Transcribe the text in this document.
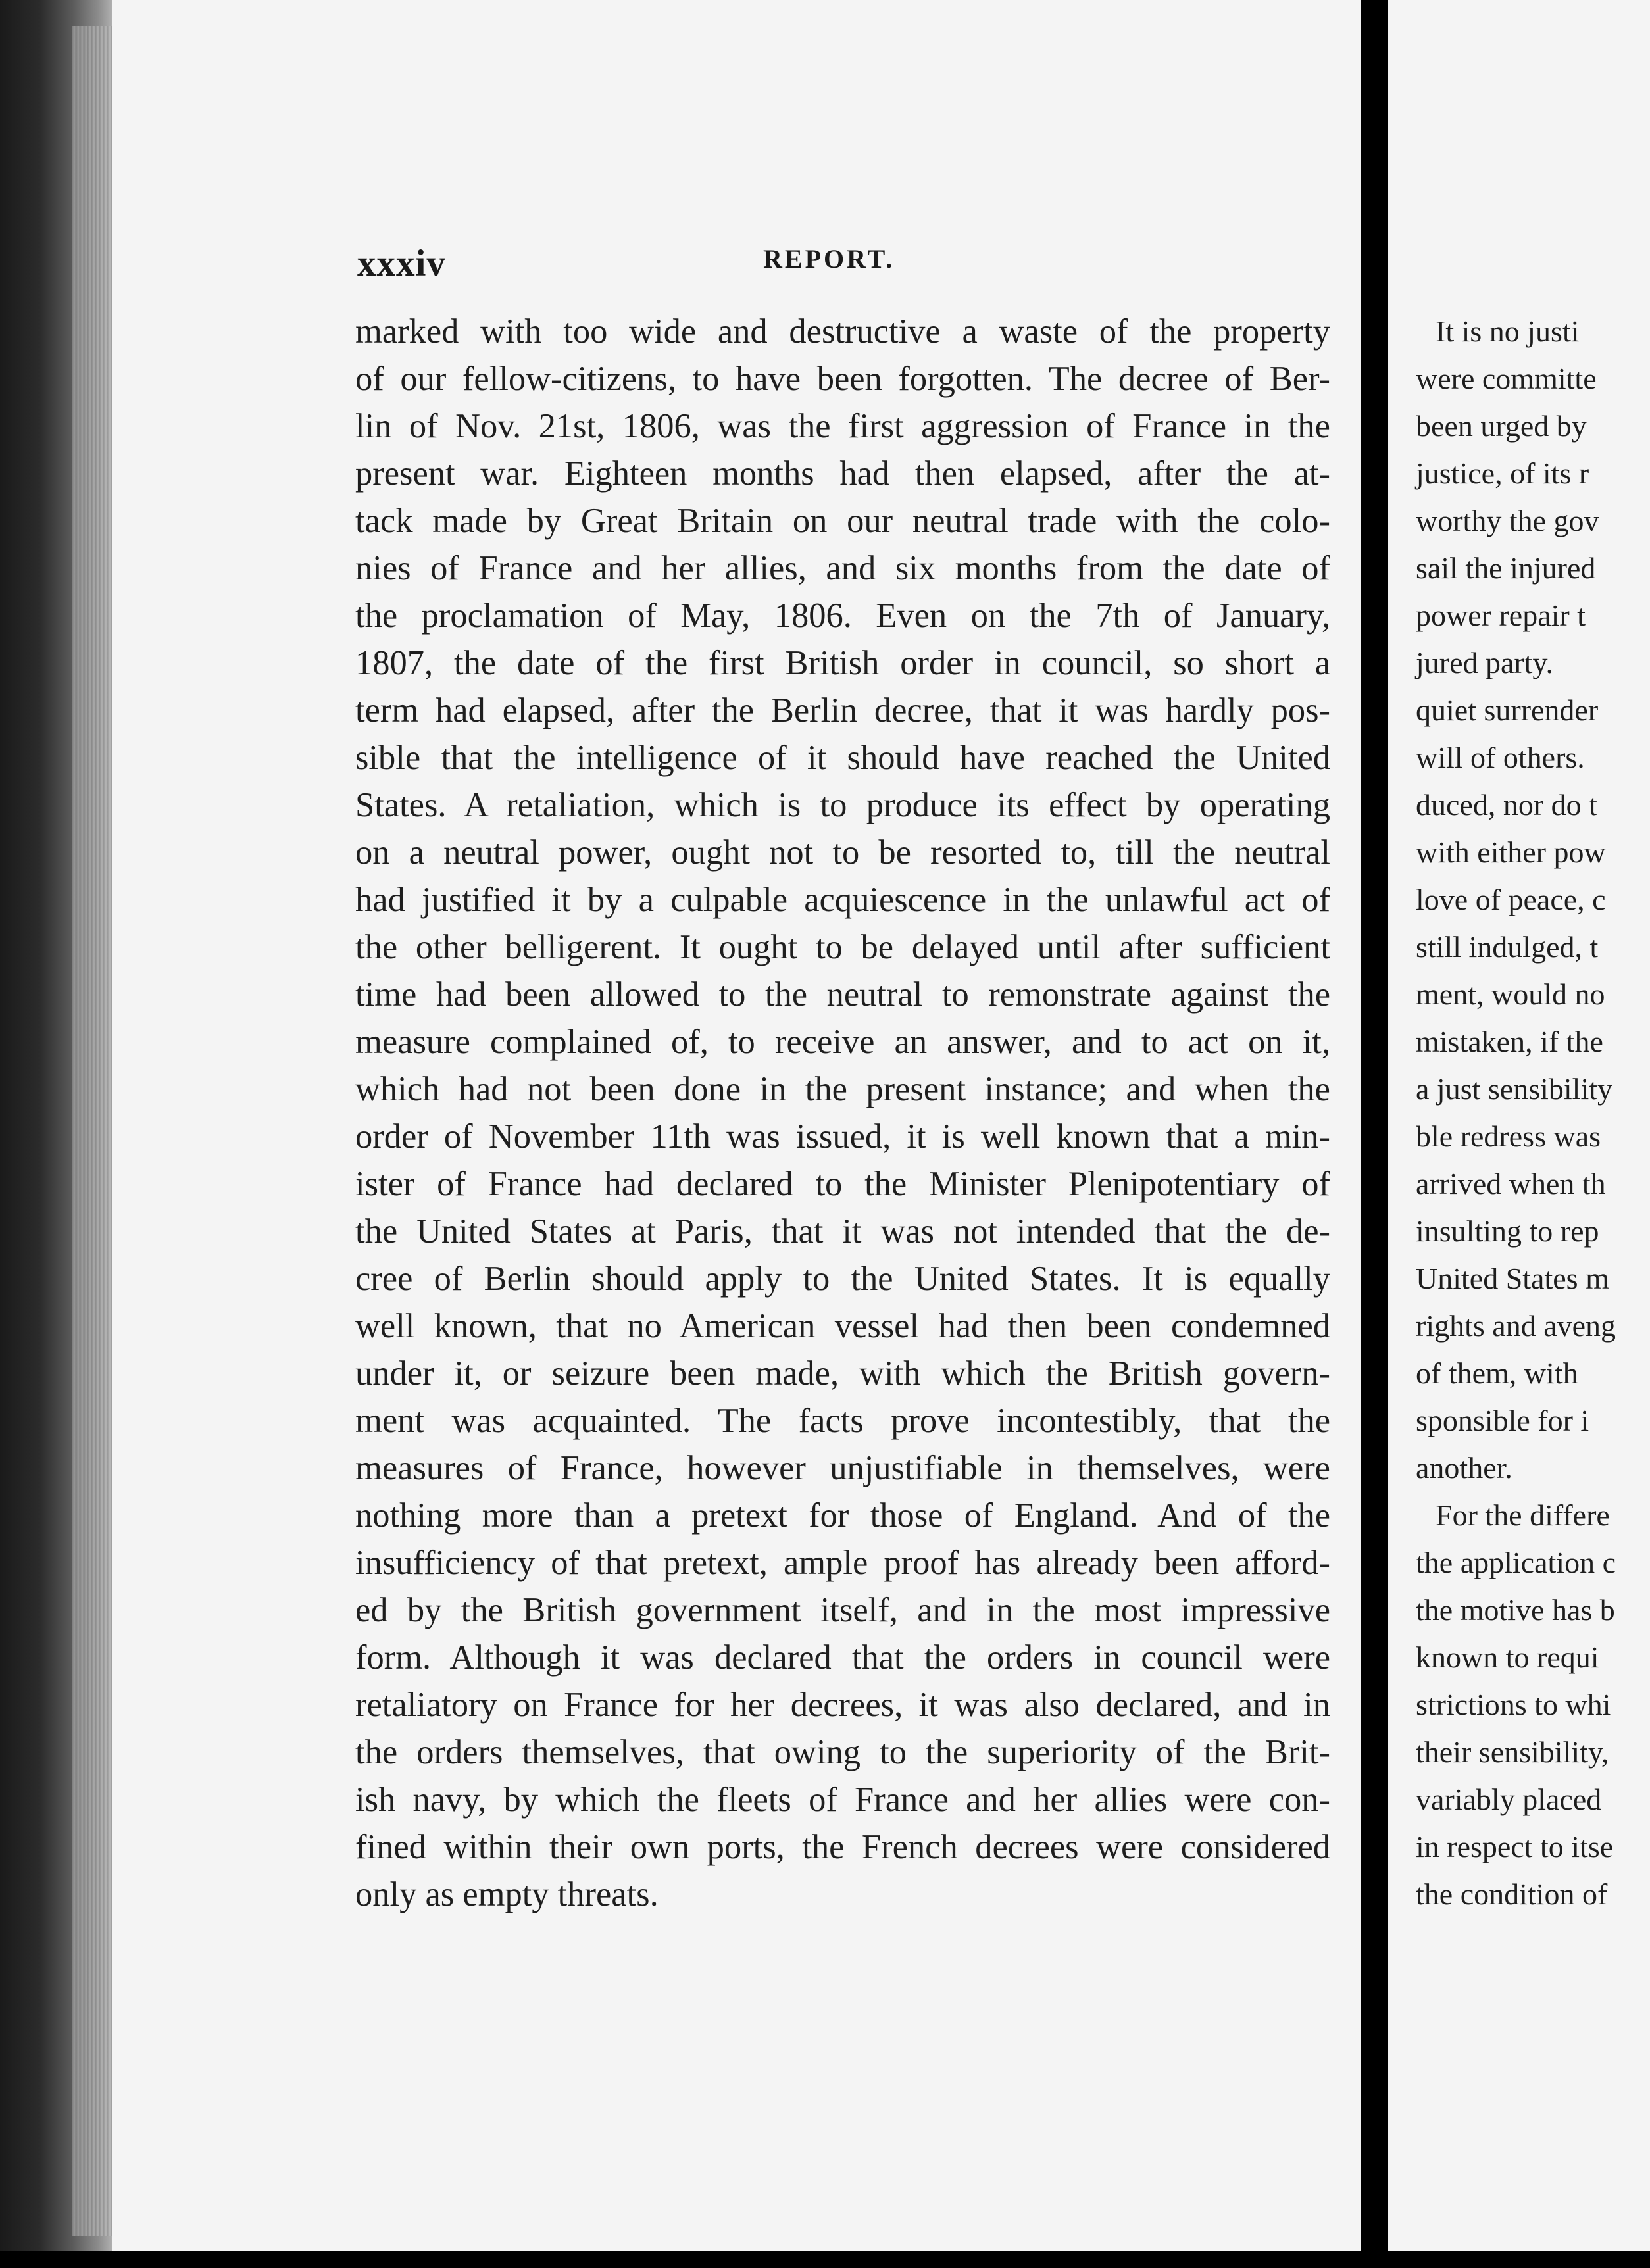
xxxiv	REPORT.
marked with too wide and destructive a waste of the property
of our fellow-citizens, to have been forgotten. The decree of Ber-
lin of Nov. 21st, 1806, was the first aggression of France in the
present war. Eighteen months had then elapsed, after the at-
tack made by Great Britain on our neutral trade with the colo-
nies of France and her allies, and six months from the date of
the proclamation of May, 1806. Even on the 7th of January,
1807, the date of the first British order in council, so short a
term had elapsed, after the Berlin decree, that it was hardly pos-
sible that the intelligence of it should have reached the United
States. A retaliation, which is to produce its effect by operating
on a neutral power, ought not to be resorted to, till the neutral
had justified it by a culpable acquiescence in the unlawful act of
the other belligerent. It ought to be delayed until after sufficient
time had been allowed to the neutral to remonstrate against the
measure complained of, to receive an answer, and to act on it,
which had not been done in the present instance; and when the
order of November 11th was issued, it is well known that a min-
ister of France had declared to the Minister Plenipotentiary of
the United States at Paris, that it was not intended that the de-
cree of Berlin should apply to the United States. It is equally
well known, that no American vessel had then been condemned
under it, or seizure been made, with which the British govern-
ment was acquainted. The facts prove incontestibly, that the
measures of France, however unjustifiable in themselves, were
nothing more than a pretext for those of England. And of the
insufficiency of that pretext, ample proof has already been afford-
ed by the British government itself, and in the most impressive
form. Although it was declared that the orders in council were
retaliatory on France for her decrees, it was also declared, and in
the orders themselves, that owing to the superiority of the Brit-
ish navy, by which the fleets of France and her allies were con-
fined within their own ports, the French decrees were considered
only as empty threats.
It is no justi
were committe
been urged by
justice, of its r
worthy the gov
sail the injured
power repair t
jured party.
quiet surrender
will of others.
duced, nor do t
with either pow
love of peace, c
still indulged, t
ment, would no
mistaken, if the
a just sensibility
ble redress was
arrived when th
insulting to rep
United States m
rights and aveng
of them, with
sponsible for i
another.
For the differe
the application c
the motive has b
known to requi
strictions to whi
their sensibility,
variably placed
in respect to itse
the condition of
